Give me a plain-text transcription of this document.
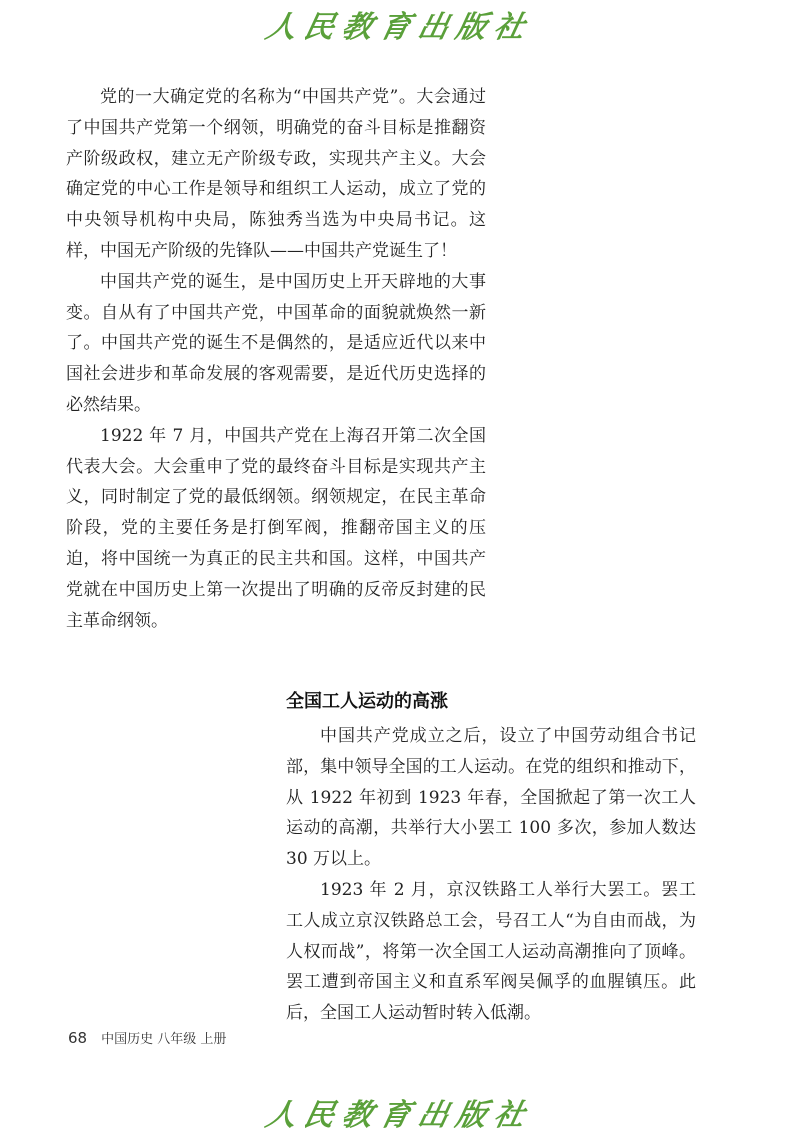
人民教育出版社

党的一大确定党的名称为“中国共产党”。大会通过了中国共产党第一个纲领，明确党的奋斗目标是推翻资产阶级政权，建立无产阶级专政，实现共产主义。大会确定党的中心工作是领导和组织工人运动，成立了党的中央领导机构中央局，陈独秀当选为中央局书记。这样，中国无产阶级的先锋队——中国共产党诞生了！

中国共产党的诞生，是中国历史上开天辟地的大事变。自从有了中国共产党，中国革命的面貌就焕然一新了。中国共产党的诞生不是偶然的，是适应近代以来中国社会进步和革命发展的客观需要，是近代历史选择的必然结果。

1922 年 7 月，中国共产党在上海召开第二次全国代表大会。大会重申了党的最终奋斗目标是实现共产主义，同时制定了党的最低纲领。纲领规定，在民主革命阶段，党的主要任务是打倒军阀，推翻帝国主义的压迫，将中国统一为真正的民主共和国。这样，中国共产党就在中国历史上第一次提出了明确的反帝反封建的民主革命纲领。

全国工人运动的高涨

中国共产党成立之后，设立了中国劳动组合书记部，集中领导全国的工人运动。在党的组织和推动下，从 1922 年初到 1923 年春，全国掀起了第一次工人运动的高潮，共举行大小罢工 100 多次，参加人数达 30 万以上。

1923 年 2 月，京汉铁路工人举行大罢工。罢工工人成立京汉铁路总工会，号召工人“为自由而战，为人权而战”，将第一次全国工人运动高潮推向了顶峰。罢工遭到帝国主义和直系军阀吴佩孚的血腥镇压。此后，全国工人运动暂时转入低潮。

68 中国历史 八年级 上册
人民教育出版社
